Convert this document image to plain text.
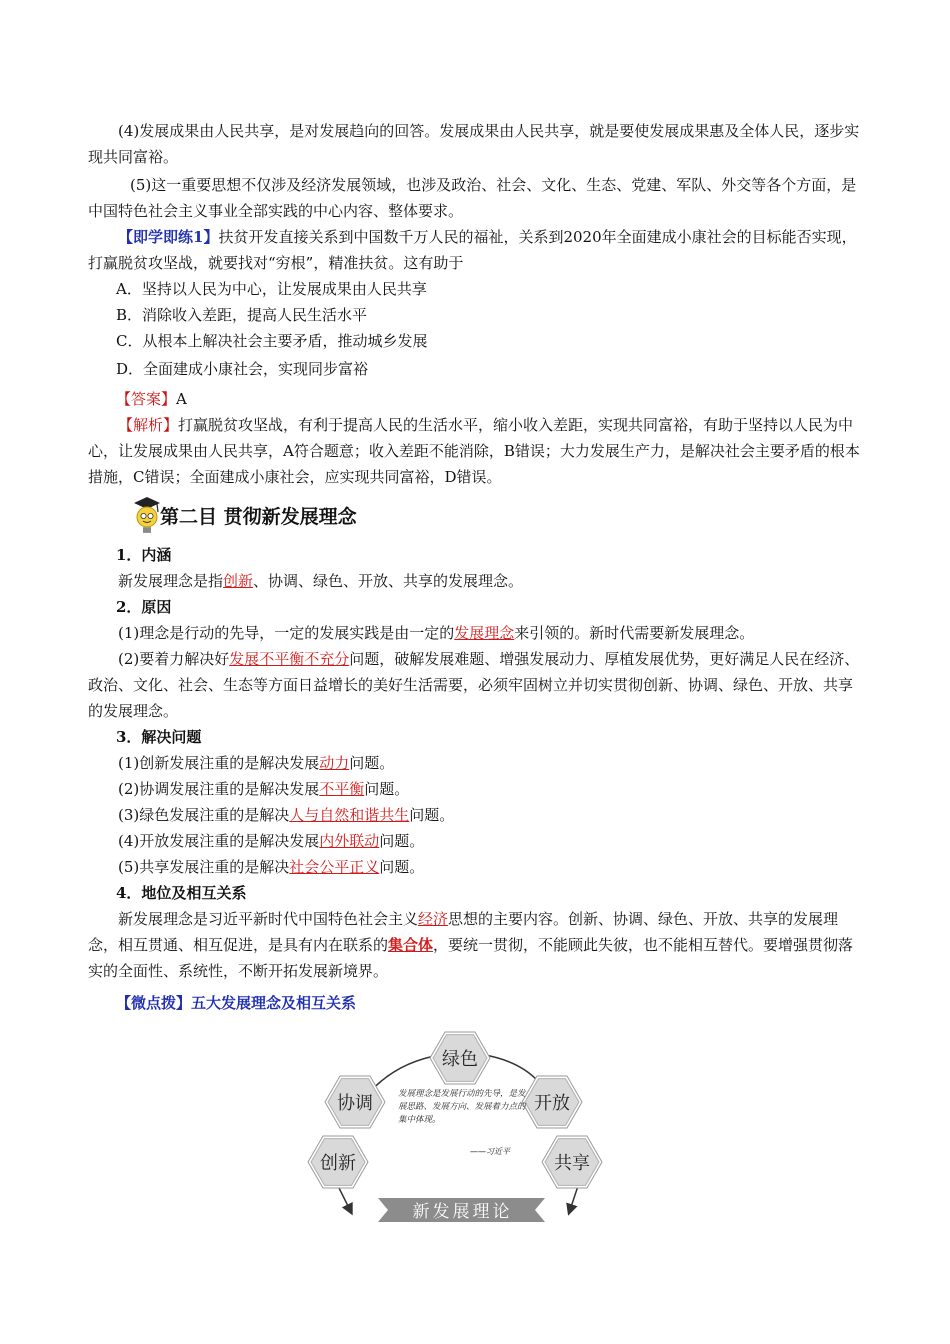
(4)发展成果由人民共享，是对发展趋向的回答。发展成果由人民共享，就是要使发展成果惠及全体人民，逐步实现共同富裕。

(5)这一重要思想不仅涉及经济发展领域，也涉及政治、社会、文化、生态、党建、军队、外交等各个方面，是中国特色社会主义事业全部实践的中心内容、整体要求。

【即学即练1】扶贫开发直接关系到中国数千万人民的福祉，关系到2020年全面建成小康社会的目标能否实现，打赢脱贫攻坚战，就要找对“穷根”，精准扶贫。这有助于

A．坚持以人民为中心，让发展成果由人民共享

B．消除收入差距，提高人民生活水平

C．从根本上解决社会主要矛盾，推动城乡发展

D．全面建成小康社会，实现同步富裕

【答案】A

【解析】打赢脱贫攻坚战，有利于提高人民的生活水平，缩小收入差距，实现共同富裕，有助于坚持以人民为中心，让发展成果由人民共享，A符合题意；收入差距不能消除，B错误；大力发展生产力，是解决社会主要矛盾的根本措施，C错误；全面建成小康社会，应实现共同富裕，D错误。

第二目 贯彻新发展理念

1．内涵

新发展理念是指创新、协调、绿色、开放、共享的发展理念。

2．原因

(1)理念是行动的先导，一定的发展实践是由一定的发展理念来引领的。新时代需要新发展理念。

(2)要着力解决好发展不平衡不充分问题，破解发展难题、增强发展动力、厚植发展优势，更好满足人民在经济、政治、文化、社会、生态等方面日益增长的美好生活需要，必须牢固树立并切实贯彻创新、协调、绿色、开放、共享的发展理念。

3．解决问题

(1)创新发展注重的是解决发展动力问题。

(2)协调发展注重的是解决发展不平衡问题。

(3)绿色发展注重的是解决人与自然和谐共生问题。

(4)开放发展注重的是解决发展内外联动问题。

(5)共享发展注重的是解决社会公平正义问题。

4．地位及相互关系

新发展理念是习近平新时代中国特色社会主义经济思想的主要内容。创新、协调、绿色、开放、共享的发展理念，相互贯通、相互促进，是具有内在联系的集合体，要统一贯彻，不能顾此失彼，也不能相互替代。要增强贯彻落实的全面性、系统性，不断开拓发展新境界。

【微点拨】五大发展理念及相互关系

绿色
协调	开放
创新	共享
发展理念是发展行动的先导，是发展思路、发展方向、发展着力点的集中体现。
——习近平
新发展理论
